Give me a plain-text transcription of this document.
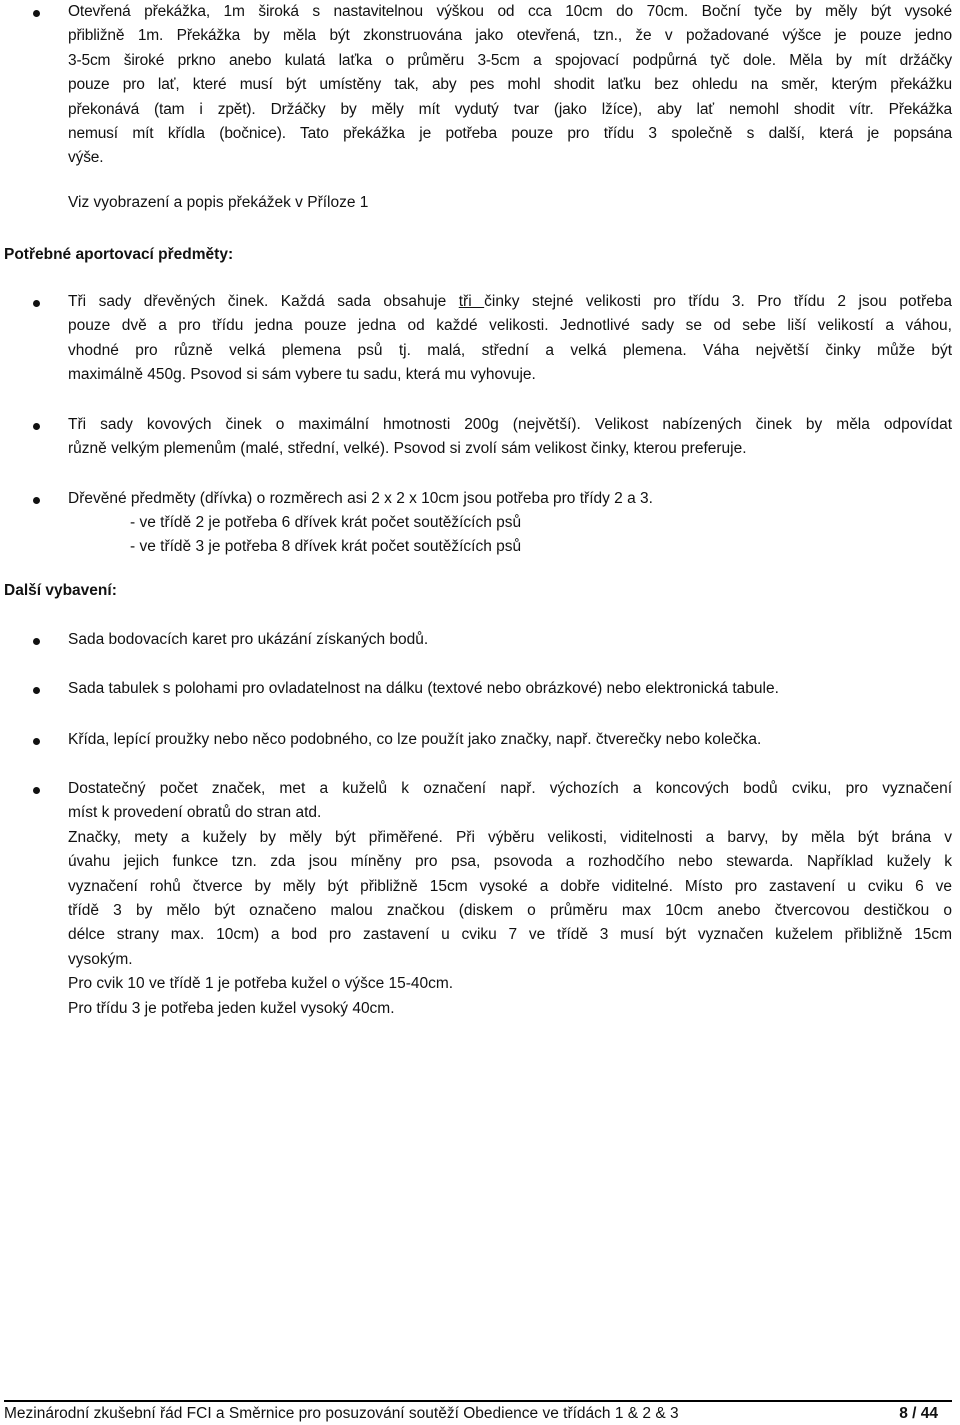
Otevřená překážka, 1m široká s nastavitelnou výškou od cca 10cm do 70cm. Boční tyče by měly být vysoké
přibližně 1m. Překážka by měla být zkonstruována jako otevřená, tzn., že v požadované výšce je pouze jedno
3-5cm široké prkno anebo kulatá laťka o průměru 3-5cm a spojovací podpůrná tyč dole. Měla by mít držáčky
pouze pro lať, které musí být umístěny tak, aby pes mohl shodit laťku bez ohledu na směr, kterým překážku
překonává (tam i zpět). Držáčky by měly mít vydutý tvar (jako lžíce), aby lať nemohl shodit vítr. Překážka
nemusí mít křídla (bočnice). Tato překážka je potřeba pouze pro třídu 3 společně s další, která je popsána
výše.

Viz vyobrazení a popis překážek v Příloze 1
Potřebné aportovací předměty:

Tři sady dřevěných činek. Každá sada obsahuje tři činky stejné velikosti pro třídu 3. Pro třídu 2 jsou potřeba
pouze dvě a pro třídu jedna pouze jedna od každé velikosti. Jednotlivé sady se od sebe liší velikostí a váhou,
vhodné pro různě velká plemena psů tj. malá, střední a velká plemena. Váha největší činky může být
maximálně 450g. Psovod si sám vybere tu sadu, která mu vyhovuje.

Tři sady kovových činek o maximální hmotnosti 200g (největší). Velikost nabízených činek by měla odpovídat
různě velkým plemenům (malé, střední, velké). Psovod si zvolí sám velikost činky, kterou preferuje.

Dřevěné předměty (dřívka) o rozměrech asi 2 x 2 x 10cm jsou potřeba pro třídy 2 a 3.

- ve třídě 2 je potřeba 6 dřívek krát počet soutěžících psů
- ve třídě 3 je potřeba 8 dřívek krát počet soutěžících psů
Další vybavení:

Sada bodovacích karet pro ukázání získaných bodů.

Sada tabulek s polohami pro ovladatelnost na dálku (textové nebo obrázkové) nebo elektronická tabule.

Křída, lepící proužky nebo něco podobného, co lze použít jako značky, např. čtverečky nebo kolečka.

Dostatečný počet značek, met a kuželů k označení např. výchozích a koncových bodů cviku, pro vyznačení
míst k provedení obratů do stran atd.
Značky, mety a kužely by měly být přiměřené. Při výběru velikosti, viditelnosti a barvy, by měla být brána v
úvahu jejich funkce tzn. zda jsou míněny pro psa, psovoda a rozhodčího nebo stewarda. Například kužely k
vyznačení rohů čtverce by měly být přibližně 15cm vysoké a dobře viditelné. Místo pro zastavení u cviku 6 ve
třídě 3 by mělo být označeno malou značkou (diskem o průměru max 10cm anebo čtvercovou destičkou o
délce strany max. 10cm) a bod pro zastavení u cviku 7 ve třídě 3 musí být vyznačen kuželem přibližně 15cm
vysokým.
Pro cvik 10 ve třídě 1 je potřeba kužel o výšce 15-40cm.
Pro třídu 3 je potřeba jeden kužel vysoký 40cm.

Mezinárodní zkušební řád FCI a Směrnice pro posuzování soutěží Obedience ve třídách 1 & 2 & 3	8 / 44
